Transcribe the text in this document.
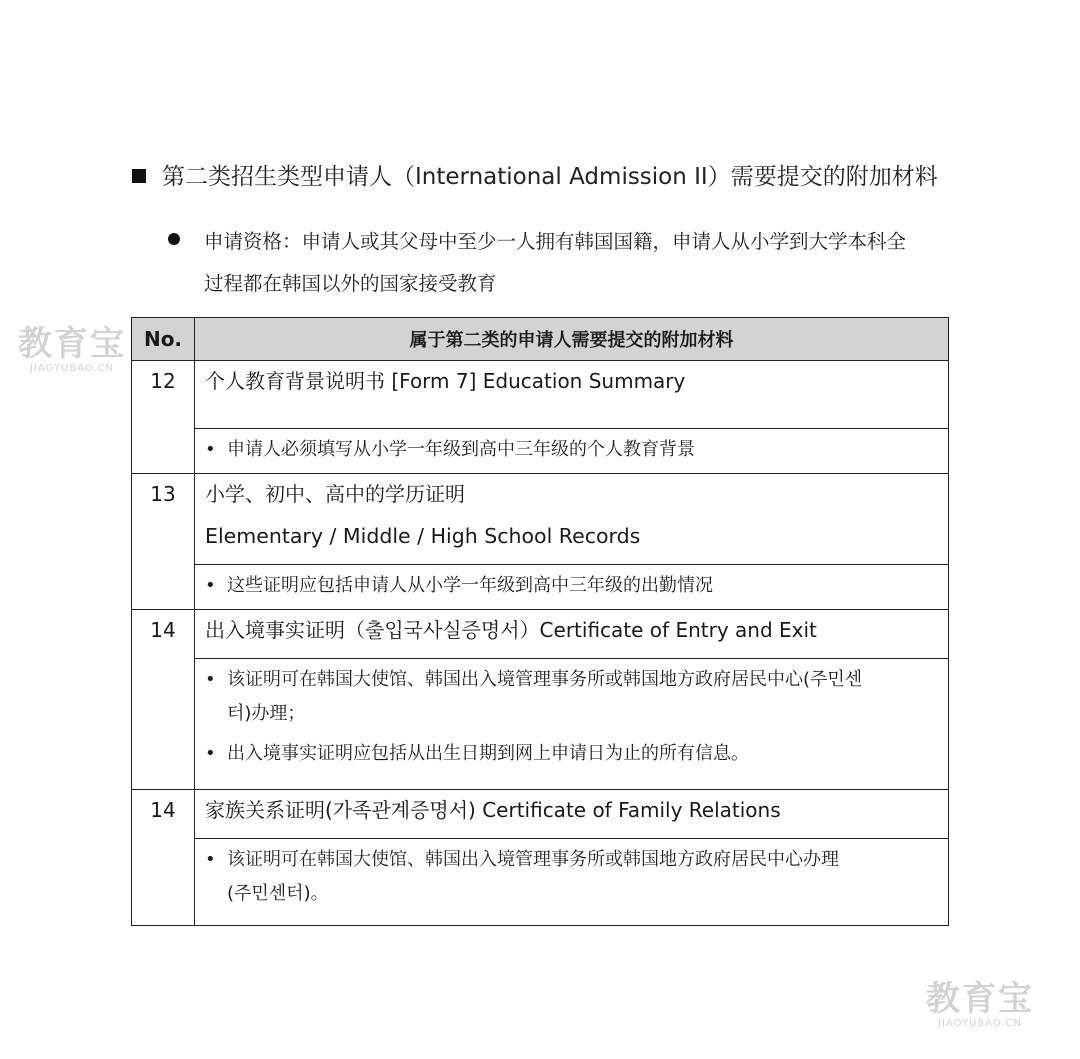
第二类招生类型申请人（International Admission II）需要提交的附加材料
申请资格：申请人或其父母中至少一人拥有韩国国籍，申请人从小学到大学本科全
过程都在韩国以外的国家接受教育
教育宝
JIAOYUBAO.CN
No.	属于第二类的申请人需要提交的附加材料
12	个人教育背景说明书 [Form 7] Education Summary

	• 申请人必须填写从小学一年级到高中三年级的个人教育背景

13	小学、初中、高中的学历证明
Elementary / Middle / High School Records

	• 这些证明应包括申请人从小学一年级到高中三年级的出勤情况

14	出入境事实证明（출입국사실증명서）Certificate of Entry and Exit

	• 该证明可在韩国大使馆、韩国出入境管理事务所或韩国地方政府居民中心(주민센
터)办理；
• 出入境事实证明应包括从出生日期到网上申请日为止的所有信息。

14	家族关系证明(가족관계증명서) Certificate of Family Relations

	• 该证明可在韩国大使馆、韩国出入境管理事务所或韩国地方政府居民中心办理
(주민센터)。
教育宝
JIAOYUBAO.CN
